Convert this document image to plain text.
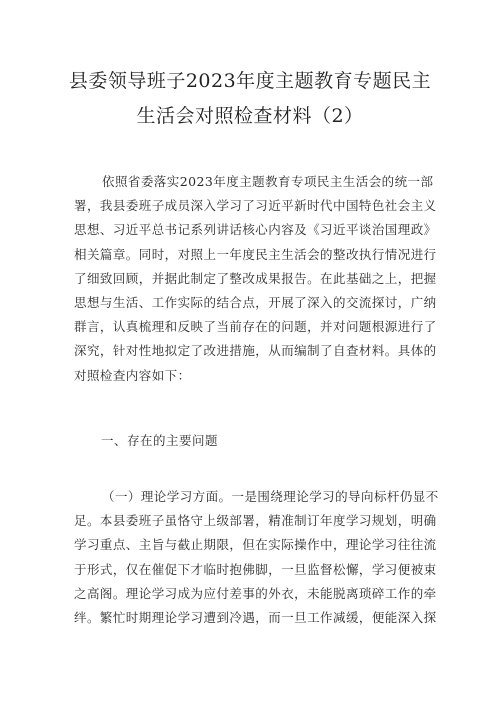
县委领导班子2023年度主题教育专题民主
生活会对照检查材料（2）
依照省委落实2023年度主题教育专项民主生活会的统一部
署，我县委班子成员深入学习了习近平新时代中国特色社会主义
思想、习近平总书记系列讲话核心内容及《习近平谈治国理政》
相关篇章。同时，对照上一年度民主生活会的整改执行情况进行
了细致回顾，并据此制定了整改成果报告。在此基础之上，把握
思想与生活、工作实际的结合点，开展了深入的交流探讨，广纳
群言，认真梳理和反映了当前存在的问题，并对问题根源进行了
深究，针对性地拟定了改进措施，从而编制了自查材料。具体的
对照检查内容如下：
一、存在的主要问题
（一）理论学习方面。一是围绕理论学习的导向标杆仍显不
足。本县委班子虽恪守上级部署，精准制订年度学习规划，明确
学习重点、主旨与截止期限，但在实际操作中，理论学习往往流
于形式，仅在催促下才临时抱佛脚，一旦监督松懈，学习便被束
之高阁。理论学习成为应付差事的外衣，未能脱离琐碎工作的牵
绊。繁忙时期理论学习遭到冷遇，而一旦工作减缓，便能深入探
